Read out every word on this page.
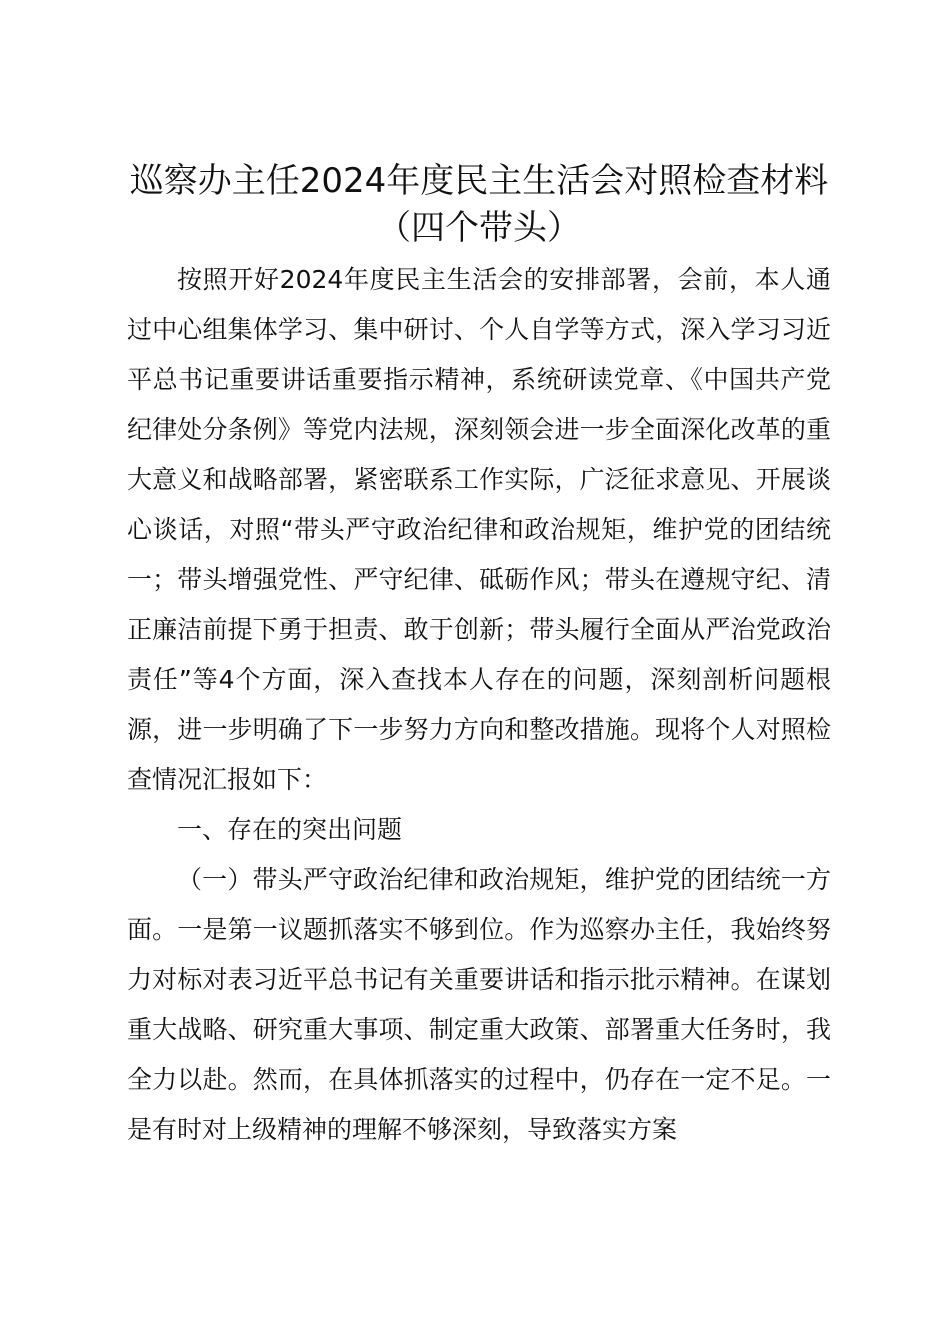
巡察办主任2024年度民主生活会对照检查材料（四个带头）

按照开好2024年度民主生活会的安排部署，会前，本人通过中心组集体学习、集中研讨、个人自学等方式，深入学习习近平总书记重要讲话重要指示精神，系统研读党章、《中国共产党纪律处分条例》等党内法规，深刻领会进一步全面深化改革的重大意义和战略部署，紧密联系工作实际，广泛征求意见、开展谈心谈话，对照“带头严守政治纪律和政治规矩，维护党的团结统一；带头增强党性、严守纪律、砥砺作风；带头在遵规守纪、清正廉洁前提下勇于担责、敢于创新；带头履行全面从严治党政治责任”等4个方面，深入查找本人存在的问题，深刻剖析问题根源，进一步明确了下一步努力方向和整改措施。现将个人对照检查情况汇报如下：

一、存在的突出问题

（一）带头严守政治纪律和政治规矩，维护党的团结统一方面。一是第一议题抓落实不够到位。作为巡察办主任，我始终努力对标对表习近平总书记有关重要讲话和指示批示精神。在谋划重大战略、研究重大事项、制定重大政策、部署重大任务时，我全力以赴。然而，在具体抓落实的过程中，仍存在一定不足。一是有时对上级精神的理解不够深刻，导致落实方案
